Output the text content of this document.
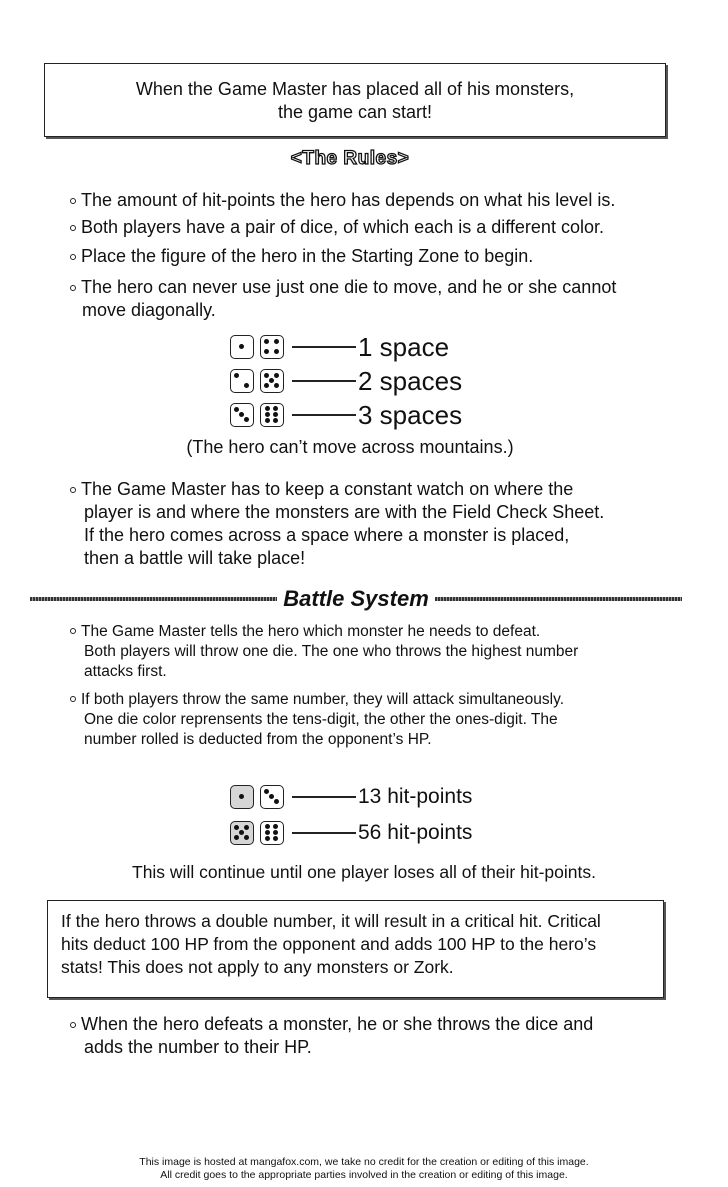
When the Game Master has placed all of his monsters,
the game can start!
<The Rules>
The amount of hit-points the hero has depends on what his level is.
Both players have a pair of dice, of which each is a different color.
Place the figure of the hero in the Starting Zone to begin.
The hero can never use just one die to move, and he or she cannot
move diagonally.
1 space
2 spaces
3 spaces
(The hero can’t move across mountains.)
The Game Master has to keep a constant watch on where the
player is and where the monsters are with the Field Check Sheet.
If the hero comes across a space where a monster is placed,
then a battle will take place!
Battle System
The Game Master tells the hero which monster he needs to defeat.
Both players will throw one die. The one who throws the highest number
attacks first.
If both players throw the same number, they will attack simultaneously.
One die color reprensents the tens-digit, the other the ones-digit. The
number rolled is deducted from the opponent’s HP.
13 hit-points
56 hit-points
This will continue until one player loses all of their hit-points.
If the hero throws a double number, it will result in a critical hit. Critical
hits deduct 100 HP from the opponent and adds 100 HP to the hero’s
stats! This does not apply to any monsters or Zork.
When the hero defeats a monster, he or she throws the dice and
adds the number to their HP.
This image is hosted at mangafox.com, we take no credit for the creation or editing of this image.
All credit goes to the appropriate parties involved in the creation or editing of this image.
